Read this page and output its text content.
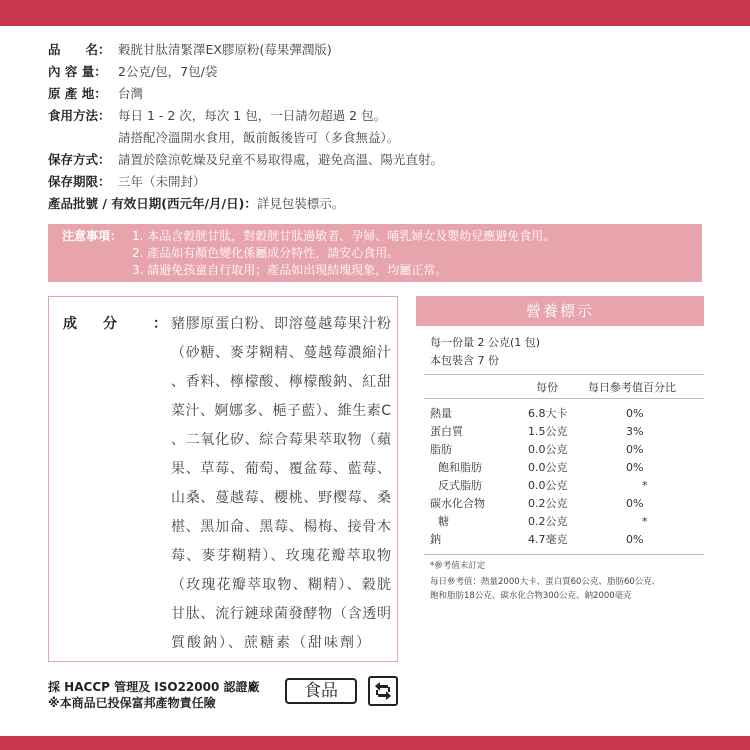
品　　名： 穀胱甘肽清緊澤EX膠原粉(莓果彈潤版)
內 容 量： 2公克/包，7包/袋
原 產 地： 台灣
食用方法： 每日 1 - 2 次，每次 1 包，一日請勿超過 2 包。
請搭配冷溫開水食用，飯前飯後皆可（多食無益）。
保存方式： 請置於陰涼乾燥及兒童不易取得處，避免高溫、陽光直射。
保存期限： 三年（未開封）
產品批號 / 有效日期(西元年/月/日)：詳見包裝標示。
注意事項： 1. 本品含穀胱甘肽，對穀胱甘肽過敏者、孕婦、哺乳婦女及嬰幼兒應避免食用。
2. 產品如有顏色變化係屬成分特性，請安心食用。
3. 請避免孩童自行取用；產品如出現結塊現象，均屬正常。
成分 ： 豬膠原蛋白粉、即溶蔓越莓果汁粉
（砂糖、麥芽糊精、蔓越莓濃縮汁
、香料、檸檬酸、檸檬酸鈉、紅甜
菜汁、婀娜多、梔子藍）、維生素C
、二氧化矽、綜合莓果萃取物（蘋
果、草莓、葡萄、覆盆莓、藍莓、
山桑、蔓越莓、櫻桃、野樱莓、桑
椹、黑加侖、黑莓、楊梅、接骨木
莓、麥芽糊精）、玫瑰花瓣萃取物
（玫瑰花瓣萃取物、糊精）、穀胱
甘肽、流行鏈球菌發酵物（含透明
質酸鈉）、蔗糖素（甜味劑）
營養標示
每一份量 2 公克(1 包)
本包裝含 7 份
每份	每日參考值百分比
熱量	6.8大卡	0%
蛋白質	1.5公克	3%
脂肪	0.0公克	0%
飽和脂肪	0.0公克	0%
反式脂肪	0.0公克	*
碳水化合物	0.2公克	0%
糖	0.2公克	*
鈉	4.7毫克	0%
*參考值未訂定
每日參考值：熱量2000大卡、蛋白質60公克、脂肪60公克、
飽和脂肪18公克、碳水化合物300公克、鈉2000毫克
採 HACCP 管理及 ISO22000 認證廠
※本商品已投保富邦產物責任險
食品
